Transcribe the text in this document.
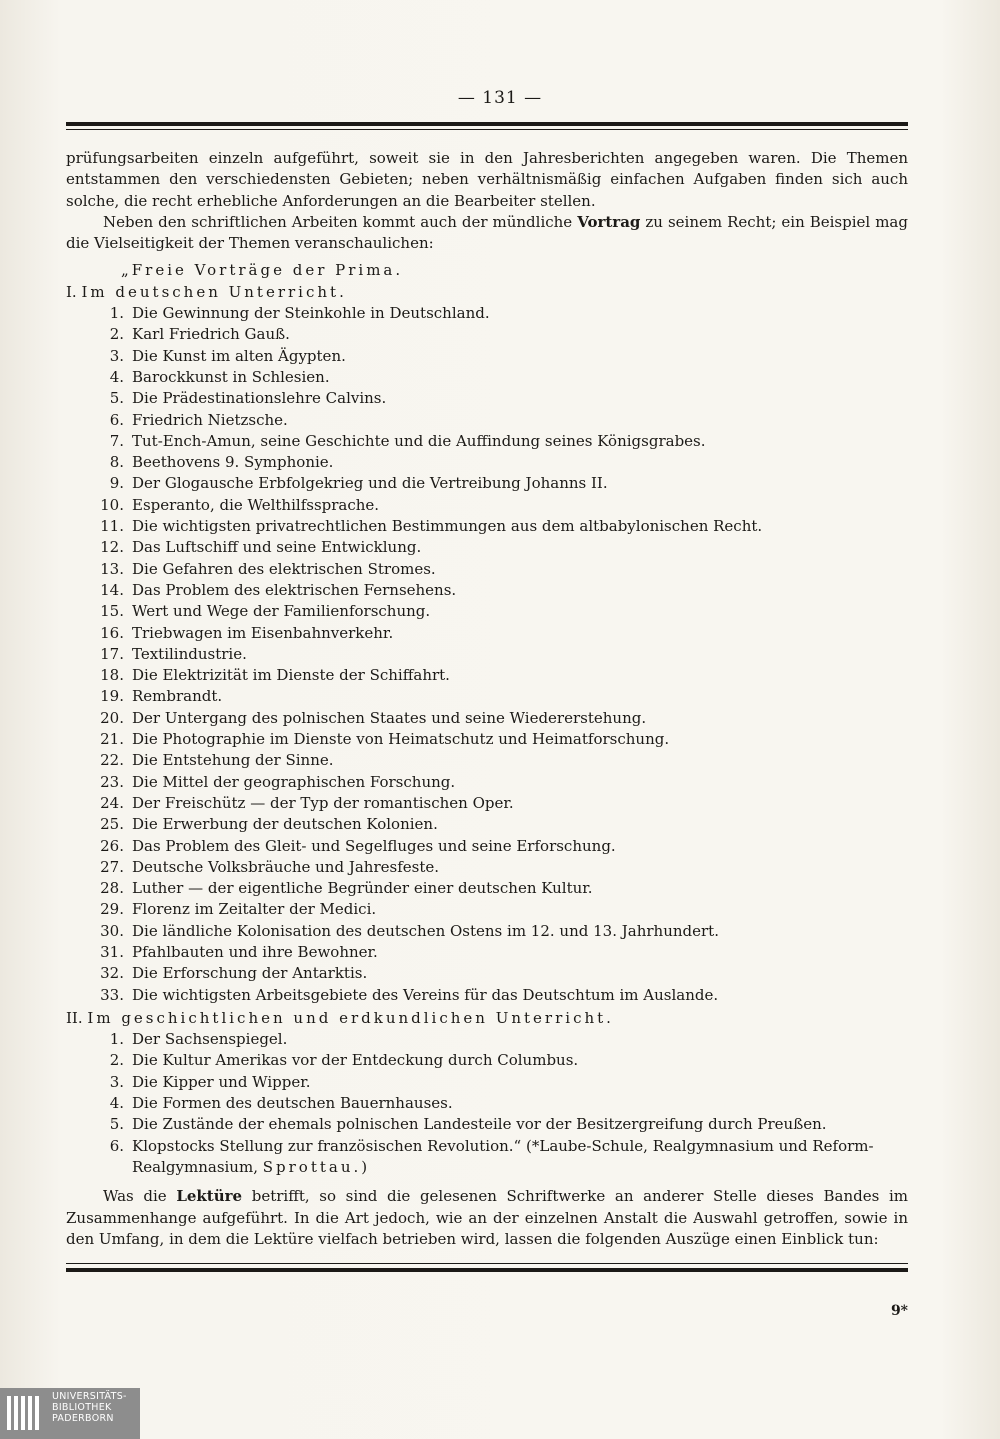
— 131 —

prüfungsarbeiten einzeln aufgeführt, soweit sie in den Jahresberichten angegeben waren. Die Themen entstammen den verschiedensten Gebieten; neben verhältnismäßig einfachen Aufgaben finden sich auch solche, die recht erhebliche Anforderungen an die Bearbeiter stellen.

Neben den schriftlichen Arbeiten kommt auch der mündliche Vortrag zu seinem Recht; ein Beispiel mag die Vielseitigkeit der Themen veranschaulichen:

„Freie Vorträge der Prima.

I. Im deutschen Unterricht.

1. Die Gewinnung der Steinkohle in Deutschland.
2. Karl Friedrich Gauß.
3. Die Kunst im alten Ägypten.
4. Barockkunst in Schlesien.
5. Die Prädestinationslehre Calvins.
6. Friedrich Nietzsche.
7. Tut-Ench-Amun, seine Geschichte und die Auffindung seines Königsgrabes.
8. Beethovens 9. Symphonie.
9. Der Glogausche Erbfolgekrieg und die Vertreibung Johanns II.
10. Esperanto, die Welthilfssprache.
11. Die wichtigsten privatrechtlichen Bestimmungen aus dem altbabylonischen Recht.
12. Das Luftschiff und seine Entwicklung.
13. Die Gefahren des elektrischen Stromes.
14. Das Problem des elektrischen Fernsehens.
15. Wert und Wege der Familienforschung.
16. Triebwagen im Eisenbahnverkehr.
17. Textilindustrie.
18. Die Elektrizität im Dienste der Schiffahrt.
19. Rembrandt.
20. Der Untergang des polnischen Staates und seine Wiedererstehung.
21. Die Photographie im Dienste von Heimatschutz und Heimatforschung.
22. Die Entstehung der Sinne.
23. Die Mittel der geographischen Forschung.
24. Der Freischütz — der Typ der romantischen Oper.
25. Die Erwerbung der deutschen Kolonien.
26. Das Problem des Gleit- und Segelfluges und seine Erforschung.
27. Deutsche Volksbräuche und Jahresfeste.
28. Luther — der eigentliche Begründer einer deutschen Kultur.
29. Florenz im Zeitalter der Medici.
30. Die ländliche Kolonisation des deutschen Ostens im 12. und 13. Jahrhundert.
31. Pfahlbauten und ihre Bewohner.
32. Die Erforschung der Antarktis.
33. Die wichtigsten Arbeitsgebiete des Vereins für das Deutschtum im Auslande.

II. Im geschichtlichen und erdkundlichen Unterricht.

1. Der Sachsenspiegel.
2. Die Kultur Amerikas vor der Entdeckung durch Columbus.
3. Die Kipper und Wipper.
4. Die Formen des deutschen Bauernhauses.
5. Die Zustände der ehemals polnischen Landesteile vor der Besitzergreifung durch Preußen.
6. Klopstocks Stellung zur französischen Revolution.“ (*Laube-Schule, Realgymnasium und Reform-Realgymnasium, Sprottau.)

Was die Lektüre betrifft, so sind die gelesenen Schriftwerke an anderer Stelle dieses Bandes im Zusammenhange aufgeführt. In die Art jedoch, wie an der einzelnen Anstalt die Auswahl getroffen, sowie in den Umfang, in dem die Lektüre vielfach betrieben wird, lassen die folgenden Auszüge einen Einblick tun:

9*
UNIVERSITÄTS-
BIBLIOTHEK
PADERBORN
